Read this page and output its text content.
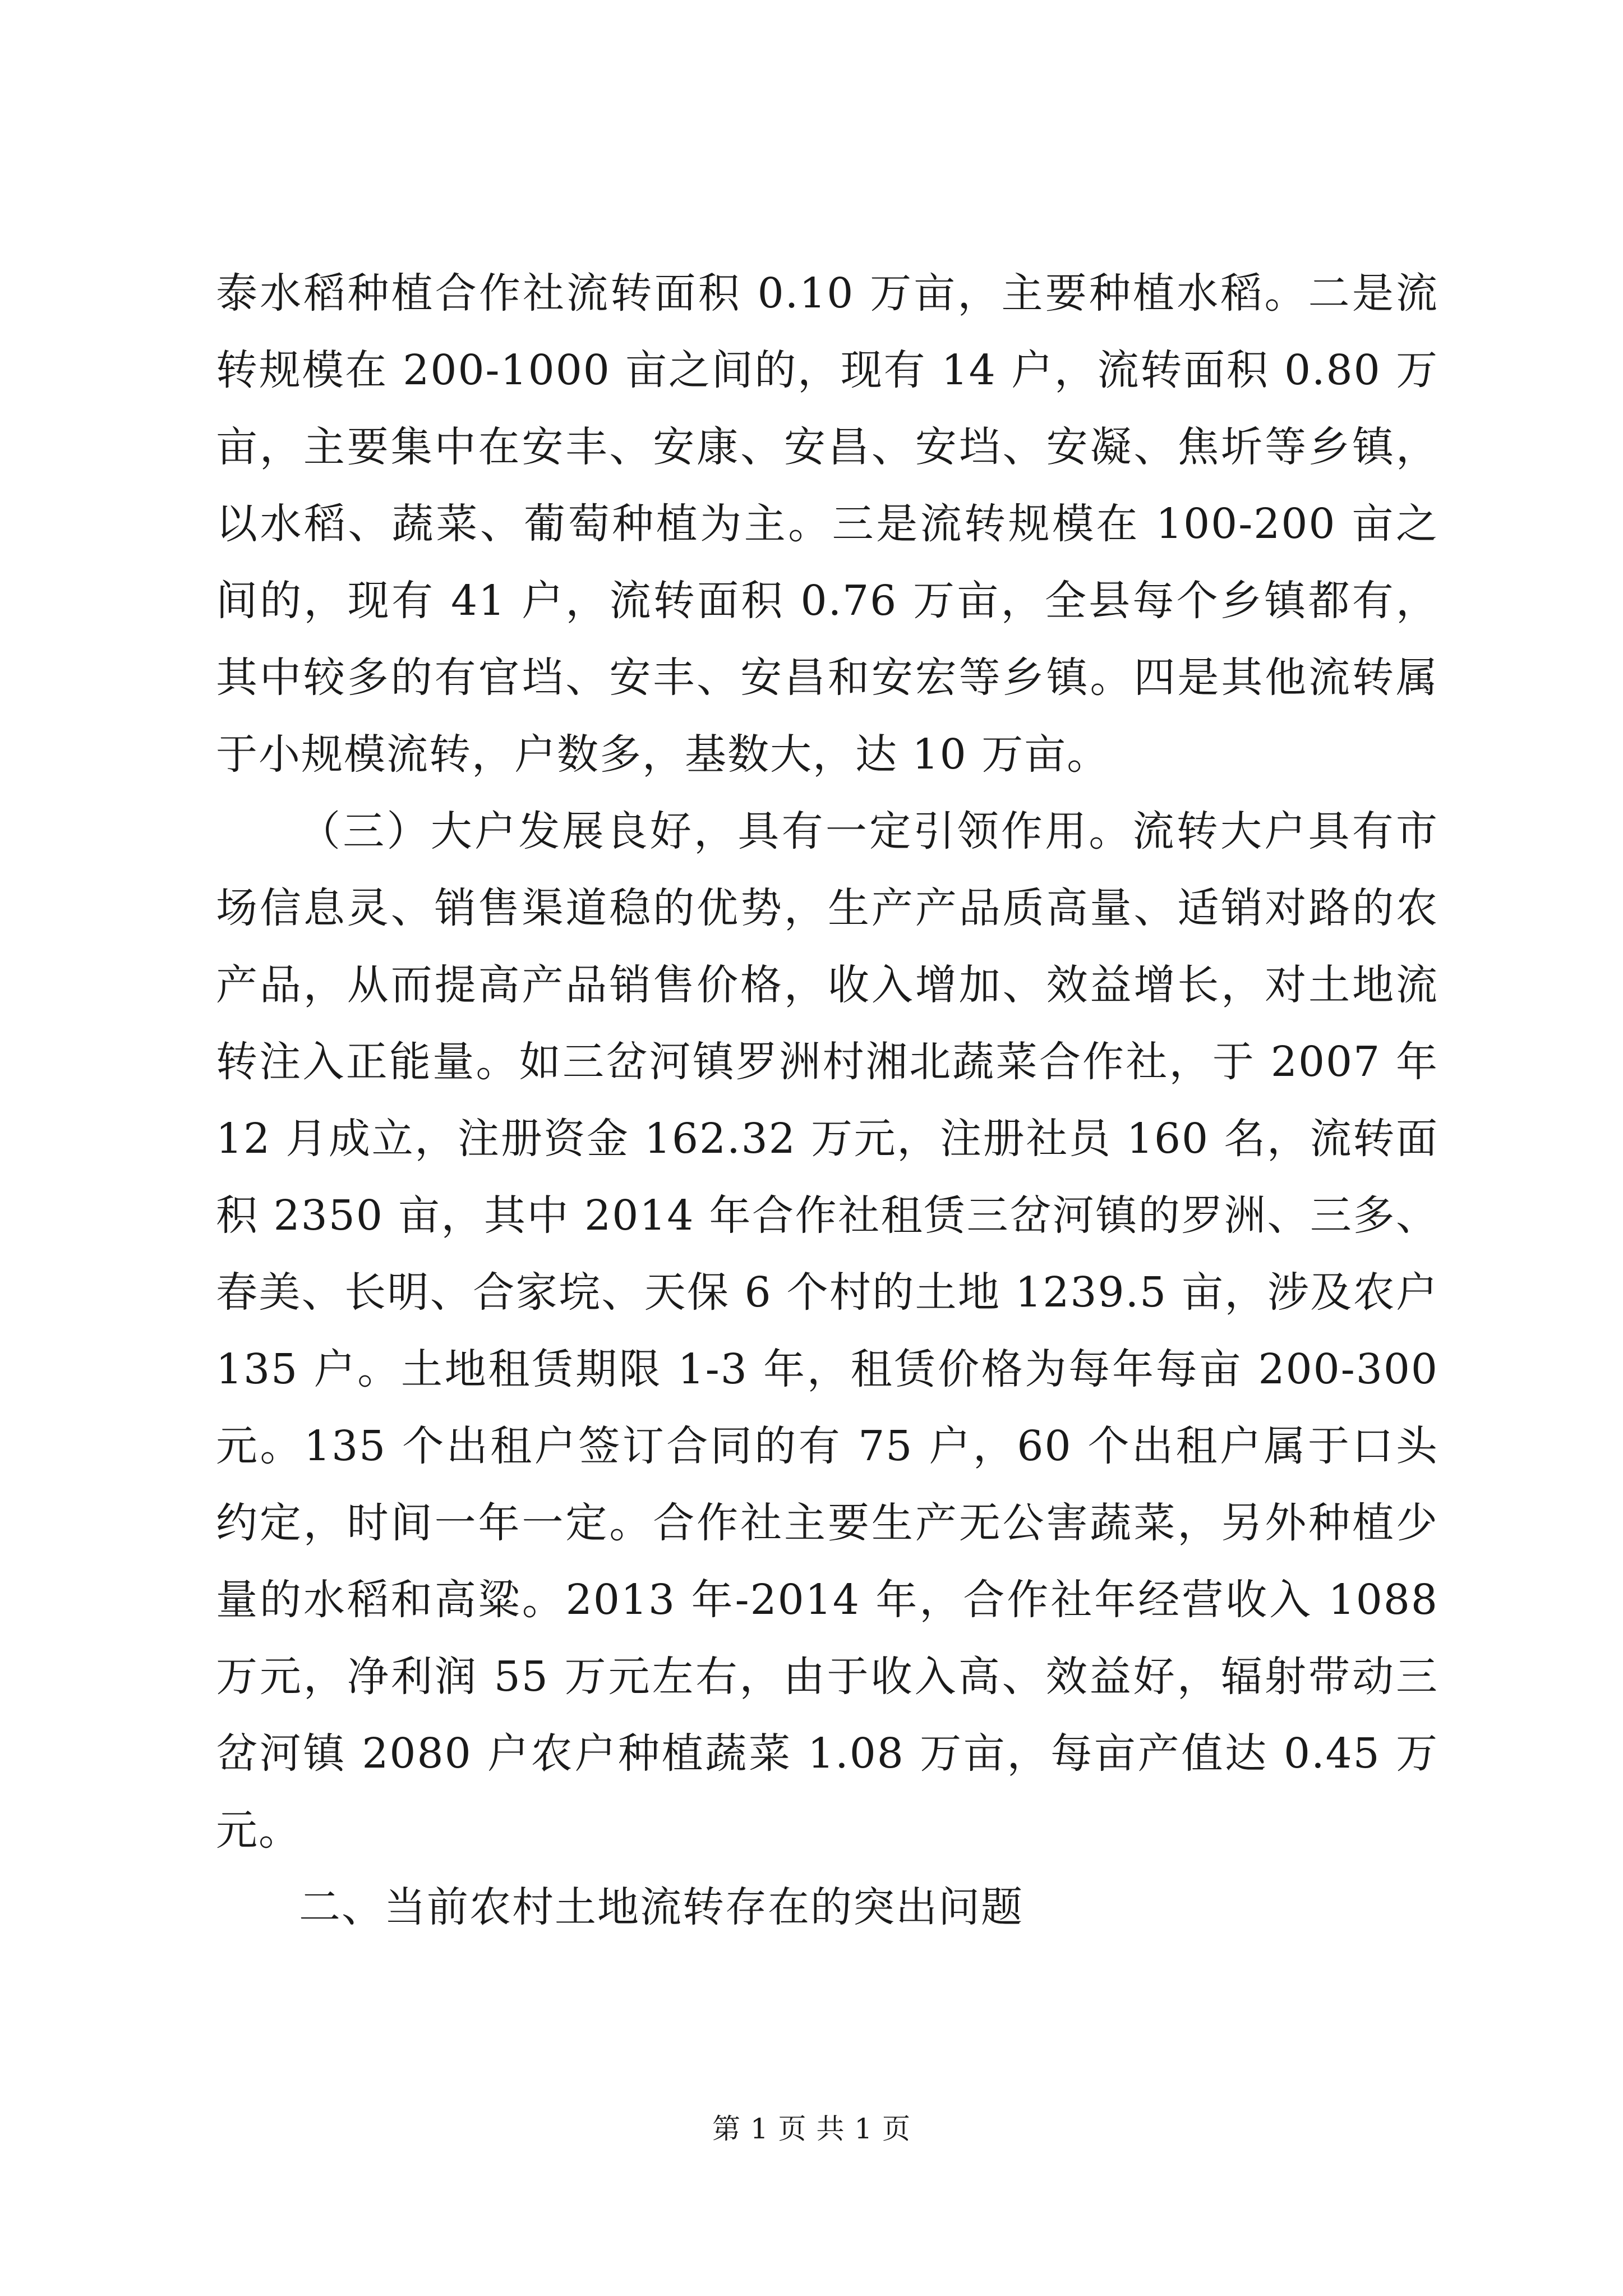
泰水稻种植合作社流转面积 0.10 万亩，主要种植水稻。二是流转规模在 200-1000 亩之间的，现有 14 户，流转面积 0.80 万亩，主要集中在安丰、安康、安昌、安垱、安凝、焦圻等乡镇，以水稻、蔬菜、葡萄种植为主。三是流转规模在 100-200 亩之间的，现有 41 户，流转面积 0.76 万亩，全县每个乡镇都有，其中较多的有官垱、安丰、安昌和安宏等乡镇。四是其他流转属于小规模流转，户数多，基数大，达 10 万亩。

（三）大户发展良好，具有一定引领作用。流转大户具有市场信息灵、销售渠道稳的优势，生产产品质高量、适销对路的农产品，从而提高产品销售价格，收入增加、效益增长，对土地流转注入正能量。如三岔河镇罗洲村湘北蔬菜合作社，于 2007 年 12 月成立，注册资金 162.32 万元，注册社员 160 名，流转面积 2350 亩，其中 2014 年合作社租赁三岔河镇的罗洲、三多、春美、长明、合家垸、天保 6 个村的土地 1239.5 亩，涉及农户 135 户。土地租赁期限 1-3 年，租赁价格为每年每亩 200-300 元。135 个出租户签订合同的有 75 户，60 个出租户属于口头约定，时间一年一定。合作社主要生产无公害蔬菜，另外种植少量的水稻和高粱。2013 年-2014 年，合作社年经营收入 1088 万元，净利润 55 万元左右，由于收入高、效益好，辐射带动三岔河镇 2080 户农户种植蔬菜 1.08 万亩，每亩产值达 0.45 万元。

二、当前农村土地流转存在的突出问题

第 1 页 共 1 页
